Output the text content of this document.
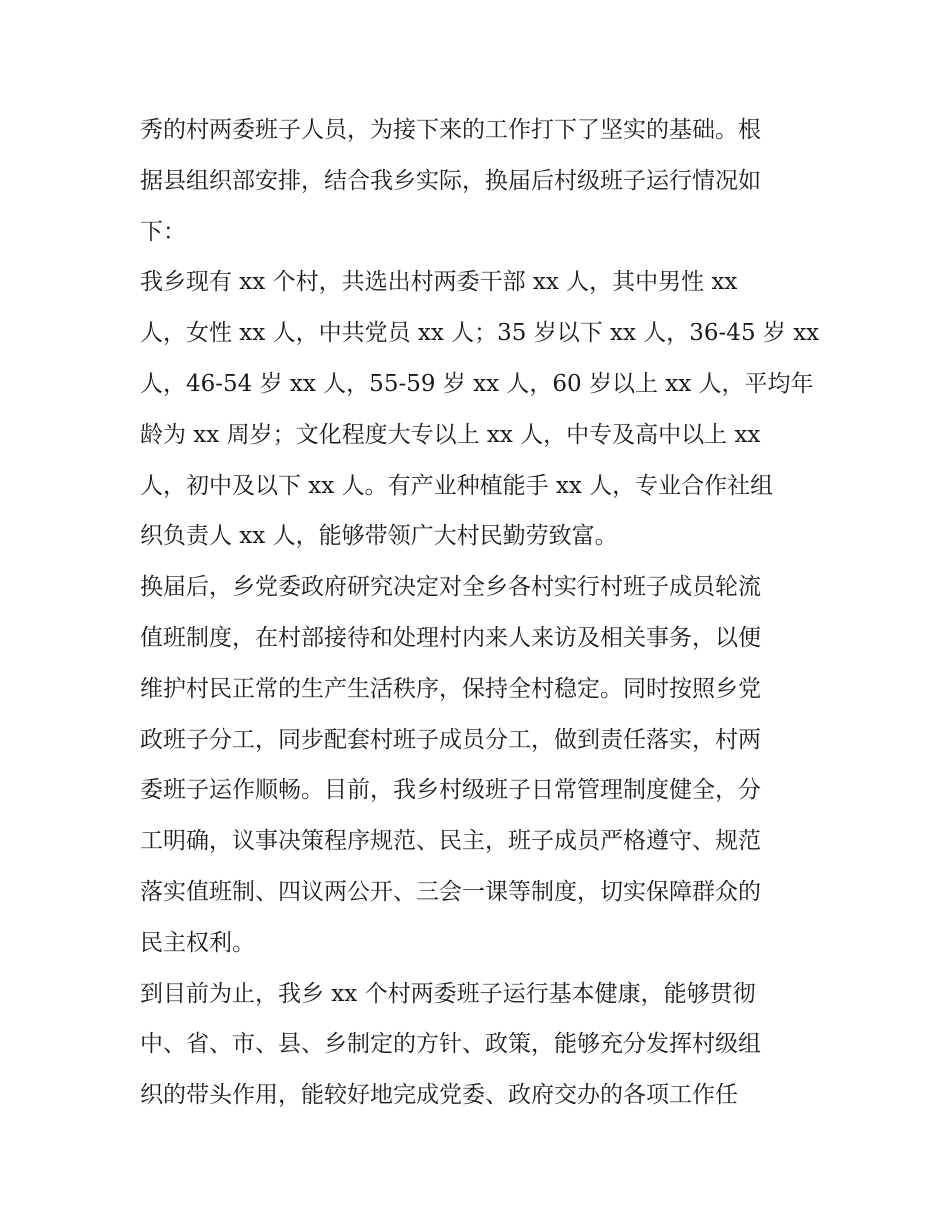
秀的村两委班子人员，为接下来的工作打下了坚实的基础。根
据县组织部安排，结合我乡实际，换届后村级班子运行情况如
下：
我乡现有 xx 个村，共选出村两委干部 xx 人，其中男性 xx
人，女性 xx 人，中共党员 xx 人；35 岁以下 xx 人，36-45 岁 xx
人，46-54 岁 xx 人，55-59 岁 xx 人，60 岁以上 xx 人，平均年
龄为 xx 周岁；文化程度大专以上 xx 人，中专及高中以上 xx
人，初中及以下 xx 人。有产业种植能手 xx 人，专业合作社组
织负责人 xx 人，能够带领广大村民勤劳致富。
换届后，乡党委政府研究决定对全乡各村实行村班子成员轮流
值班制度，在村部接待和处理村内来人来访及相关事务，以便
维护村民正常的生产生活秩序，保持全村稳定。同时按照乡党
政班子分工，同步配套村班子成员分工，做到责任落实，村两
委班子运作顺畅。目前，我乡村级班子日常管理制度健全，分
工明确，议事决策程序规范、民主，班子成员严格遵守、规范
落实值班制、四议两公开、三会一课等制度，切实保障群众的
民主权利。
到目前为止，我乡 xx 个村两委班子运行基本健康，能够贯彻
中、省、市、县、乡制定的方针、政策，能够充分发挥村级组
织的带头作用，能较好地完成党委、政府交办的各项工作任
